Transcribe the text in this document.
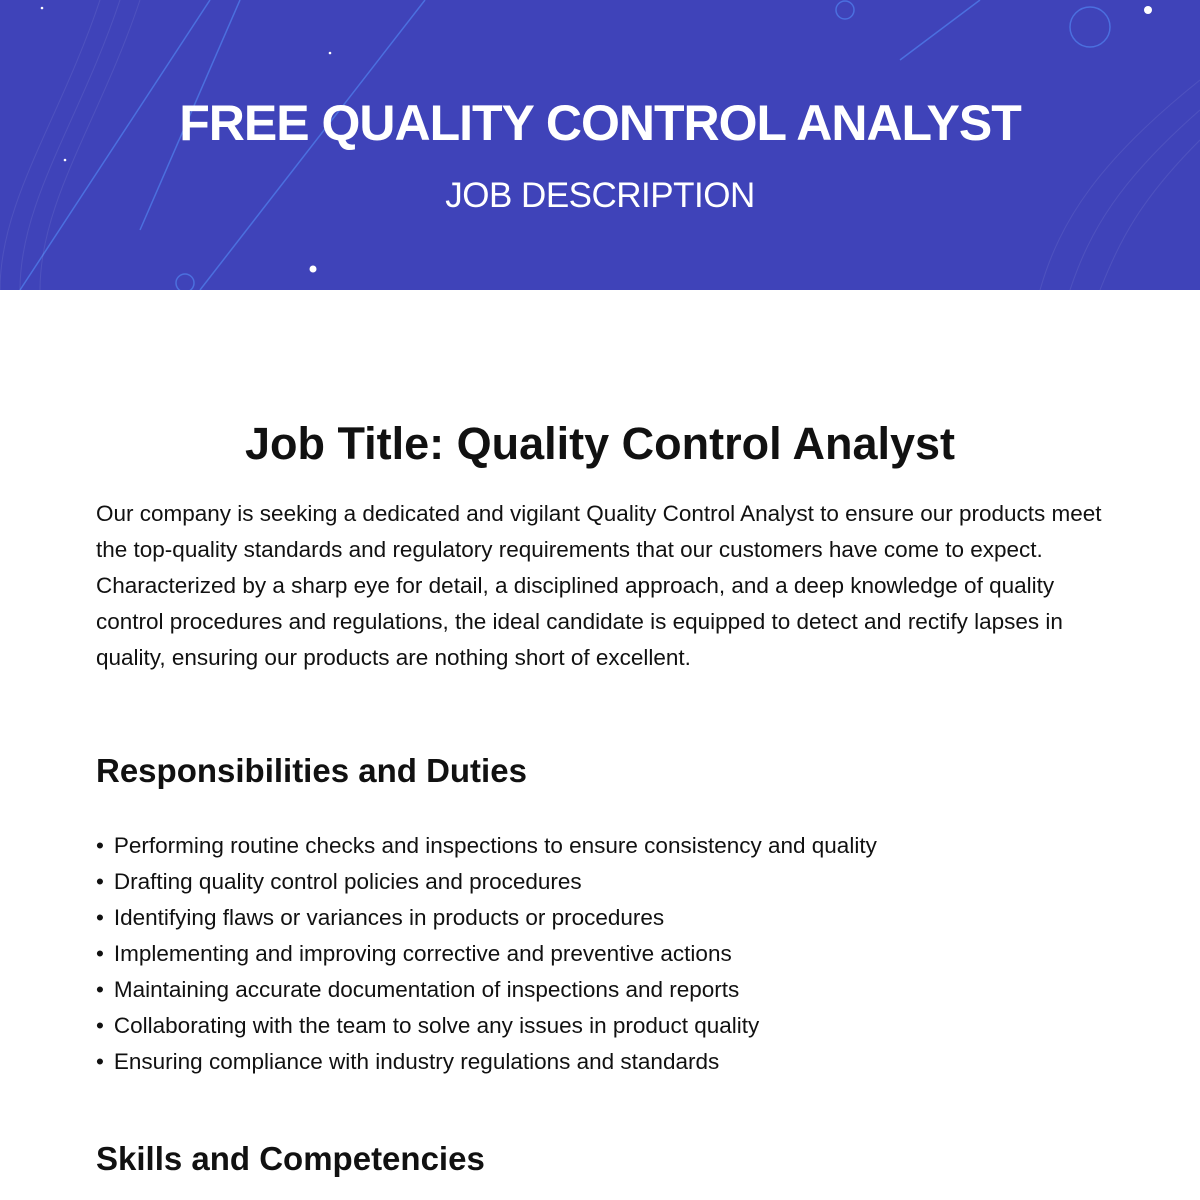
FREE QUALITY CONTROL ANALYST
JOB DESCRIPTION
Job Title: Quality Control Analyst

Our company is seeking a dedicated and vigilant Quality Control Analyst to ensure our products meet the top-quality standards and regulatory requirements that our customers have come to expect. Characterized by a sharp eye for detail, a disciplined approach, and a deep knowledge of quality control procedures and regulations, the ideal candidate is equipped to detect and rectify lapses in quality, ensuring our products are nothing short of excellent.

Responsibilities and Duties
• Performing routine checks and inspections to ensure consistency and quality
• Drafting quality control policies and procedures
• Identifying flaws or variances in products or procedures
• Implementing and improving corrective and preventive actions
• Maintaining accurate documentation of inspections and reports
• Collaborating with the team to solve any issues in product quality
• Ensuring compliance with industry regulations and standards
Skills and Competencies
